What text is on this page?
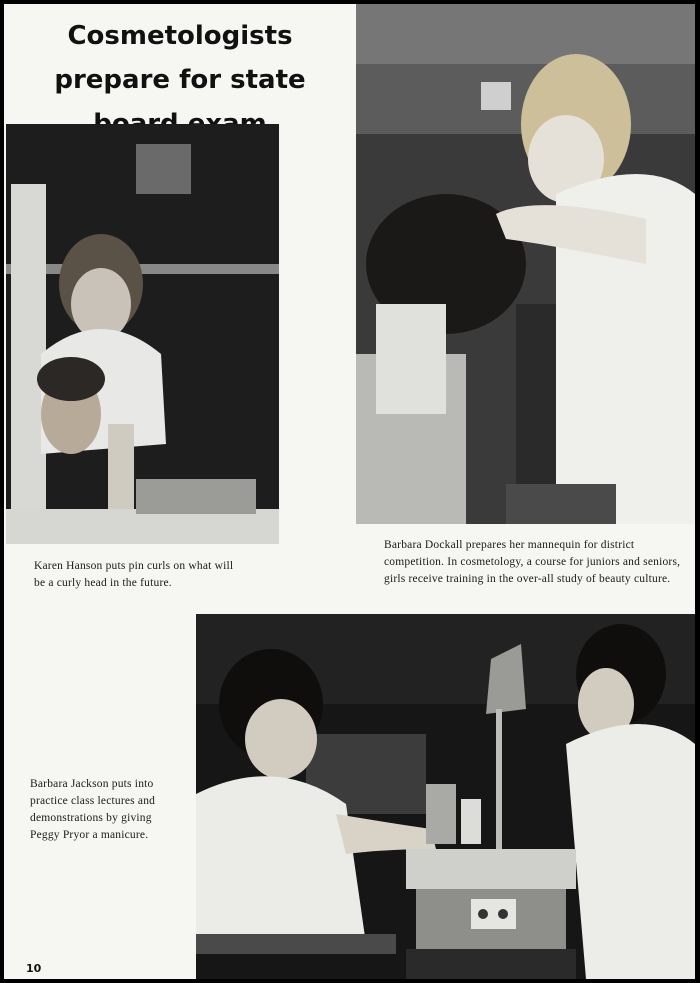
Cosmetologists
prepare for state

Karen Hanson puts pin curls on what will be a curly head in the future.

Barbara Dockall prepares her mannequin for district competition. In cosmetology, a course for juniors and seniors, girls receive training in the over-all study of beauty culture.

Barbara Jackson puts into practice class lectures and demonstrations by giving Peggy Pryor a manicure.

10
